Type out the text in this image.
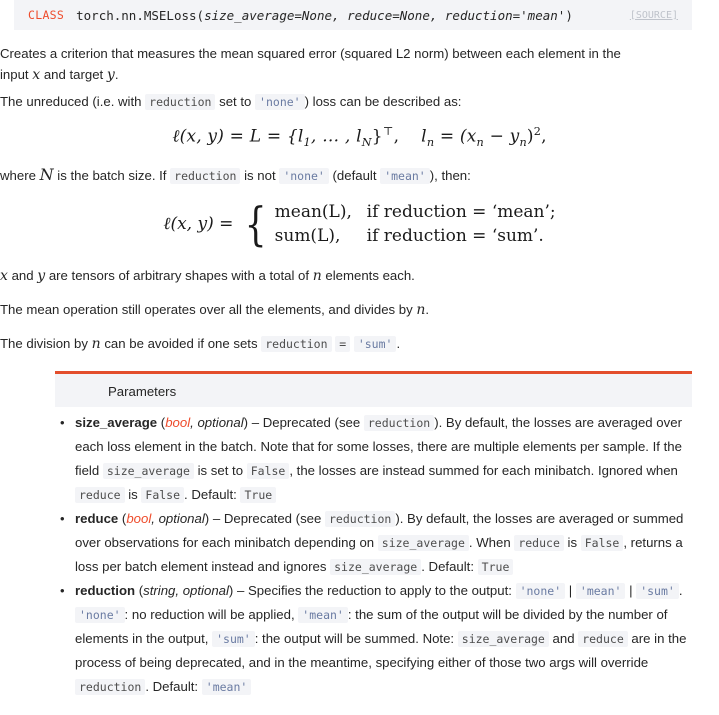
CLASS torch.nn.MSELoss(size_average=None, reduce=None, reduction='mean')	[SOURCE]

Creates a criterion that measures the mean squared error (squared L2 norm) between each element in the input x and target y.

The unreduced (i.e. with reduction set to 'none' ) loss can be described as:

ℓ(x, $y) = L = \{l_1$, … , $l_N\}^⊤$, $l_n = (x_n - y_n)^2$,

where N is the batch size. If reduction is not 'none' (default 'mean' ), then:

ℓ(x, y) = { mean(L), if reduction = ‘mean’;
sum(L),	if reduction = ‘sum’.

x and y are tensors of arbitrary shapes with a total of n elements each.

The mean operation still operates over all the elements, and divides by n.

The division by n can be avoided if one sets reduction = 'sum' .

Parameters
• size_average (bool, optional) – Deprecated (see reduction ). By default, the losses are averaged over each loss element in the batch. Note that for some losses, there are multiple elements per sample. If the field size_average is set to False , the losses are instead summed for each minibatch. Ignored when reduce is False . Default: True
• reduce (bool, optional) – Deprecated (see reduction ). By default, the losses are averaged or summed over observations for each minibatch depending on size_average . When reduce is False , returns a loss per batch element instead and ignores size_average . Default: True
• reduction (string, optional) – Specifies the reduction to apply to the output: 'none' | 'mean' | 'sum' . 'none' : no reduction will be applied, 'mean' : the sum of the output will be divided by the number of elements in the output, 'sum' : the output will be summed. Note: size_average and reduce are in the process of being deprecated, and in the meantime, specifying either of those two args will override reduction . Default: 'mean'
